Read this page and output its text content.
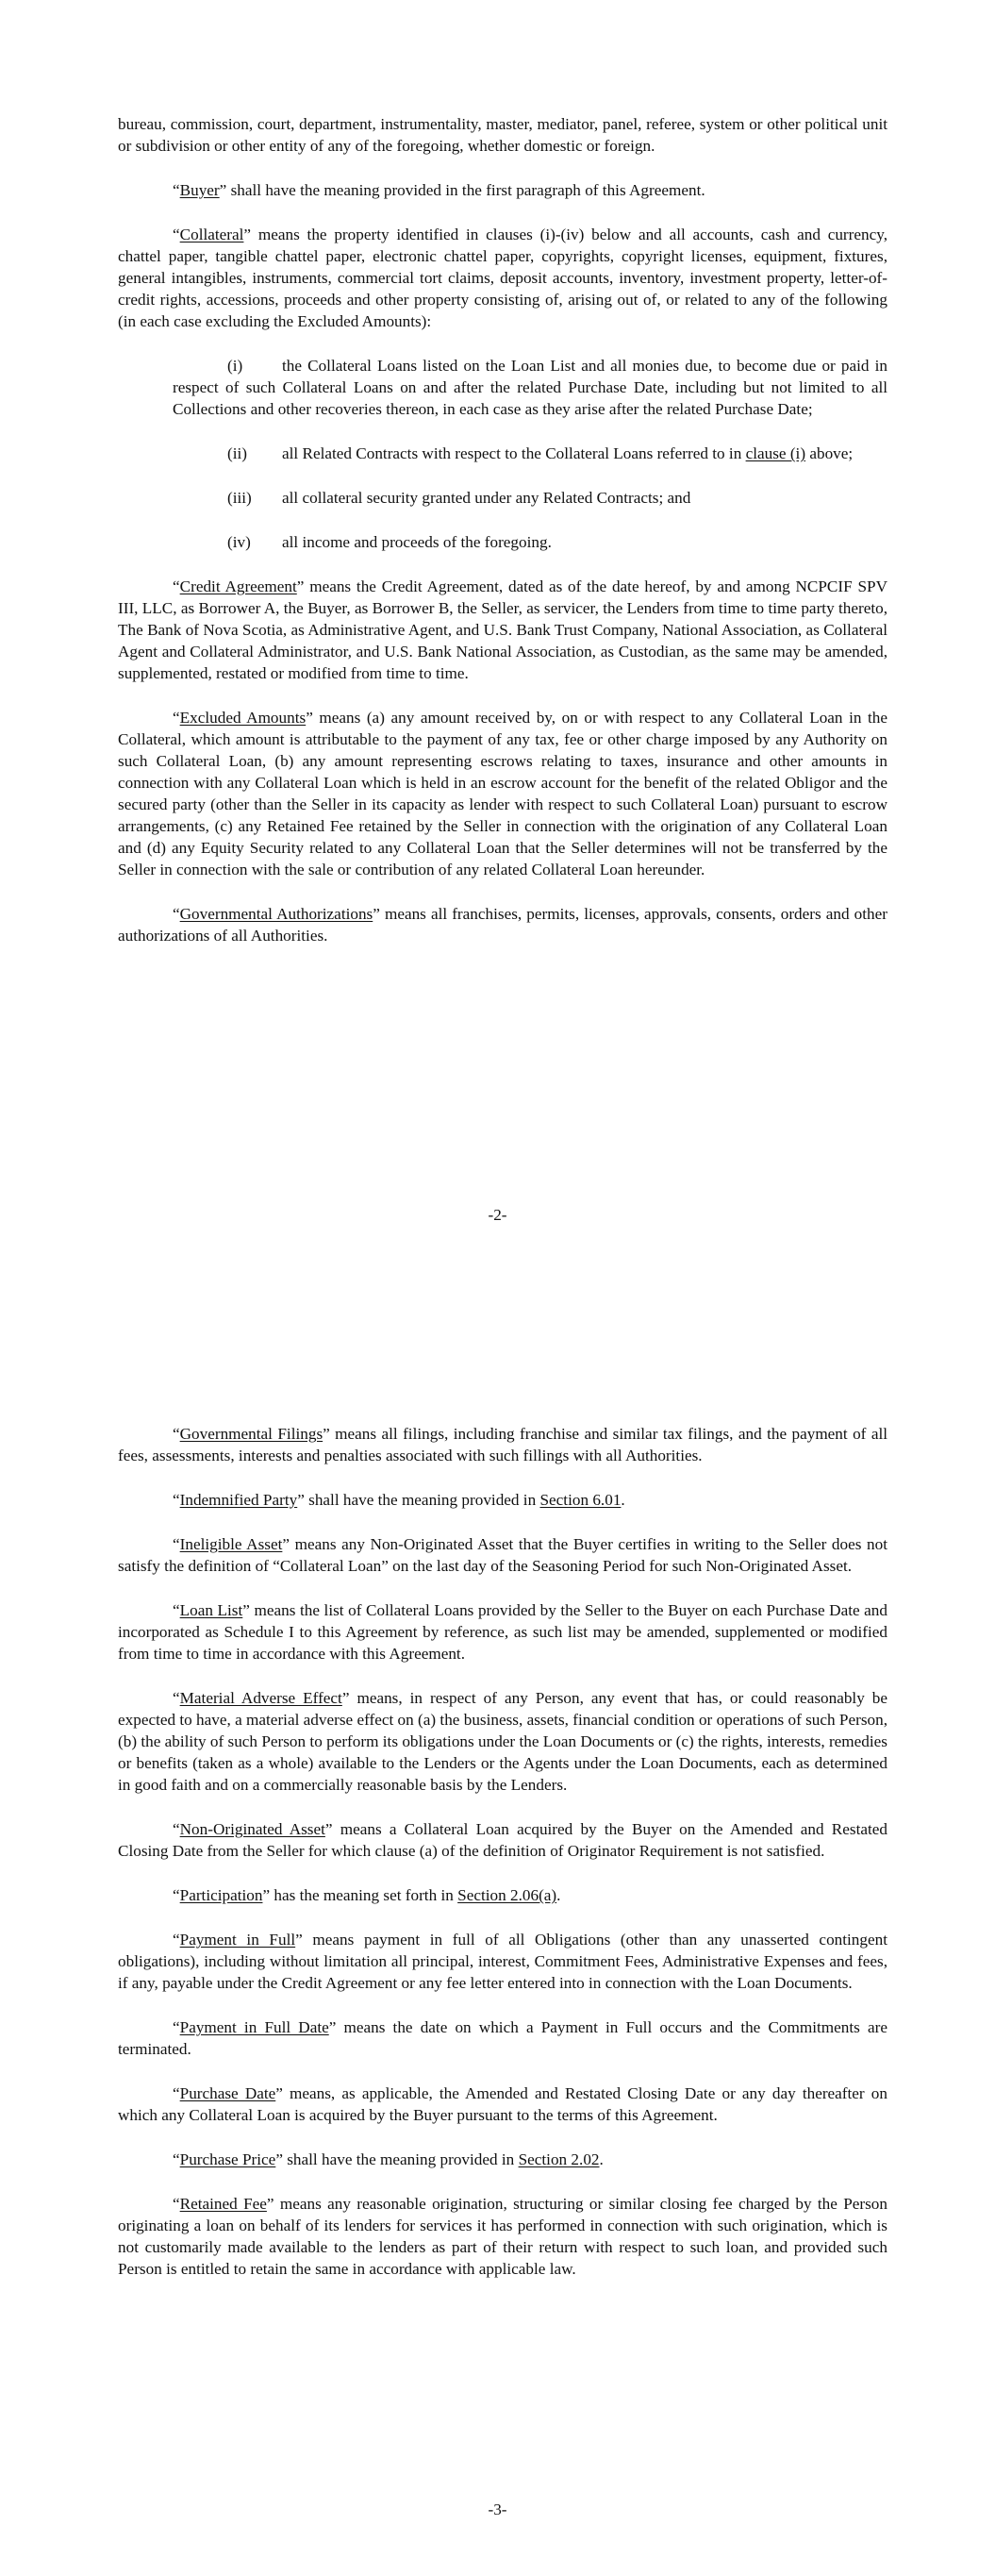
bureau, commission, court, department, instrumentality, master, mediator, panel, referee, system or other political unit or subdivision or other entity of any of the foregoing, whether domestic or foreign.

“Buyer” shall have the meaning provided in the first paragraph of this Agreement.

“Collateral” means the property identified in clauses (i)-(iv) below and all accounts, cash and currency, chattel paper, tangible chattel paper, electronic chattel paper, copyrights, copyright licenses, equipment, fixtures, general intangibles, instruments, commercial tort claims, deposit accounts, inventory, investment property, letter-of-credit rights, accessions, proceeds and other property consisting of, arising out of, or related to any of the following (in each case excluding the Excluded Amounts):

(i) the Collateral Loans listed on the Loan List and all monies due, to become due or paid in respect of such Collateral Loans on and after the related Purchase Date, including but not limited to all Collections and other recoveries thereon, in each case as they arise after the related Purchase Date;

(ii) all Related Contracts with respect to the Collateral Loans referred to in clause (i) above;

(iii) all collateral security granted under any Related Contracts; and

(iv) all income and proceeds of the foregoing.

“Credit Agreement” means the Credit Agreement, dated as of the date hereof, by and among NCPCIF SPV III, LLC, as Borrower A, the Buyer, as Borrower B, the Seller, as servicer, the Lenders from time to time party thereto, The Bank of Nova Scotia, as Administrative Agent, and U.S. Bank Trust Company, National Association, as Collateral Agent and Collateral Administrator, and U.S. Bank National Association, as Custodian, as the same may be amended, supplemented, restated or modified from time to time.

“Excluded Amounts” means (a) any amount received by, on or with respect to any Collateral Loan in the Collateral, which amount is attributable to the payment of any tax, fee or other charge imposed by any Authority on such Collateral Loan, (b) any amount representing escrows relating to taxes, insurance and other amounts in connection with any Collateral Loan which is held in an escrow account for the benefit of the related Obligor and the secured party (other than the Seller in its capacity as lender with respect to such Collateral Loan) pursuant to escrow arrangements, (c) any Retained Fee retained by the Seller in connection with the origination of any Collateral Loan and (d) any Equity Security related to any Collateral Loan that the Seller determines will not be transferred by the Seller in connection with the sale or contribution of any related Collateral Loan hereunder.

“Governmental Authorizations” means all franchises, permits, licenses, approvals, consents, orders and other authorizations of all Authorities.

-2-

“Governmental Filings” means all filings, including franchise and similar tax filings, and the payment of all fees, assessments, interests and penalties associated with such fillings with all Authorities.

“Indemnified Party” shall have the meaning provided in Section 6.01.

“Ineligible Asset” means any Non-Originated Asset that the Buyer certifies in writing to the Seller does not satisfy the definition of “Collateral Loan” on the last day of the Seasoning Period for such Non-Originated Asset.

“Loan List” means the list of Collateral Loans provided by the Seller to the Buyer on each Purchase Date and incorporated as Schedule I to this Agreement by reference, as such list may be amended, supplemented or modified from time to time in accordance with this Agreement.

“Material Adverse Effect” means, in respect of any Person, any event that has, or could reasonably be expected to have, a material adverse effect on (a) the business, assets, financial condition or operations of such Person, (b) the ability of such Person to perform its obligations under the Loan Documents or (c) the rights, interests, remedies or benefits (taken as a whole) available to the Lenders or the Agents under the Loan Documents, each as determined in good faith and on a commercially reasonable basis by the Lenders.

“Non-Originated Asset” means a Collateral Loan acquired by the Buyer on the Amended and Restated Closing Date from the Seller for which clause (a) of the definition of Originator Requirement is not satisfied.

“Participation” has the meaning set forth in Section 2.06(a).

“Payment in Full” means payment in full of all Obligations (other than any unasserted contingent obligations), including without limitation all principal, interest, Commitment Fees, Administrative Expenses and fees, if any, payable under the Credit Agreement or any fee letter entered into in connection with the Loan Documents.

“Payment in Full Date” means the date on which a Payment in Full occurs and the Commitments are terminated.

“Purchase Date” means, as applicable, the Amended and Restated Closing Date or any day thereafter on which any Collateral Loan is acquired by the Buyer pursuant to the terms of this Agreement.

“Purchase Price” shall have the meaning provided in Section 2.02.

“Retained Fee” means any reasonable origination, structuring or similar closing fee charged by the Person originating a loan on behalf of its lenders for services it has performed in connection with such origination, which is not customarily made available to the lenders as part of their return with respect to such loan, and provided such Person is entitled to retain the same in accordance with applicable law.

-3-
